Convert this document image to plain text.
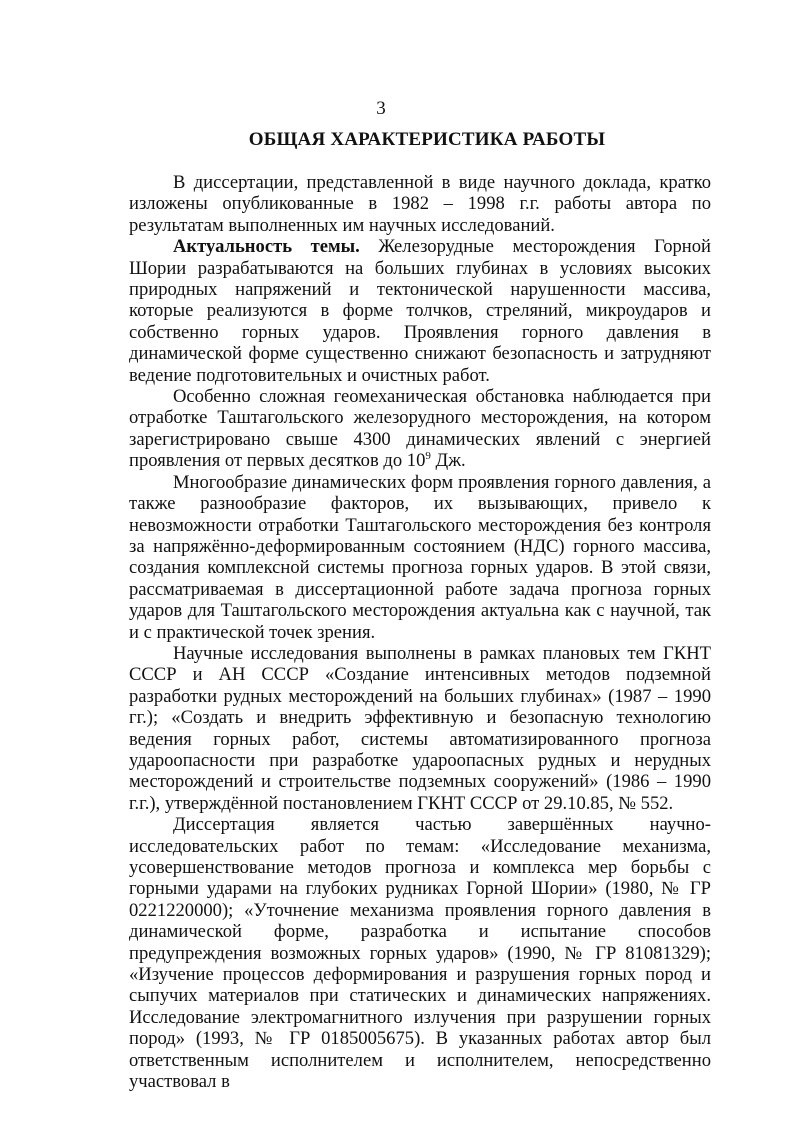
3
ОБЩАЯ ХАРАКТЕРИСТИКА РАБОТЫ

В диссертации, представленной в виде научного доклада, кратко изложены опубликованные в 1982 – 1998 г.г. работы автора по результатам выполненных им научных исследований.

Актуальность темы. Железорудные месторождения Горной Шории разрабатываются на больших глубинах в условиях высоких природных напряжений и тектонической нарушенности массива, которые реализуются в форме толчков, стреляний, микроударов и собственно горных ударов. Проявления горного давления в динамической форме существенно снижают безопасность и затрудняют ведение подготовительных и очистных работ.

Особенно сложная геомеханическая обстановка наблюдается при отработке Таштагольского железорудного месторождения, на котором зарегистрировано свыше 4300 динамических явлений с энергией проявления от первых десятков до $10^9$ Дж.

Многообразие динамических форм проявления горного давления, а также разнообразие факторов, их вызывающих, привело к невозможности отработки Таштагольского месторождения без контроля за напряжённо-деформированным состоянием (НДС) горного массива, создания комплексной системы прогноза горных ударов. В этой связи, рассматриваемая в диссертационной работе задача прогноза горных ударов для Таштагольского месторождения актуальна как с научной, так и с практической точек зрения.

Научные исследования выполнены в рамках плановых тем ГКНТ СССР и АН СССР «Создание интенсивных методов подземной разработки рудных месторождений на больших глубинах» (1987 – 1990 гг.); «Создать и внедрить эффективную и безопасную технологию ведения горных работ, системы автоматизированного прогноза удароопасности при разработке удароопасных рудных и нерудных месторождений и строительстве подземных сооружений» (1986 – 1990 г.г.), утверждённой постановлением ГКНТ СССР от 29.10.85, № 552.

Диссертация является частью завершённых научно-исследовательских работ по темам: «Исследование механизма, усовершенствование методов прогноза и комплекса мер борьбы с горными ударами на глубоких рудниках Горной Шории» (1980, № ГР 0221220000); «Уточнение механизма проявления горного давления в динамической форме, разработка и испытание способов предупреждения возможных горных ударов» (1990, № ГР 81081329); «Изучение процессов деформирования и разрушения горных пород и сыпучих материалов при статических и динамических напряжениях. Исследование электромагнитного излучения при разрушении горных пород» (1993, № ГР 0185005675). В указанных работах автор был ответственным исполнителем и исполнителем, непосредственно участвовал в
